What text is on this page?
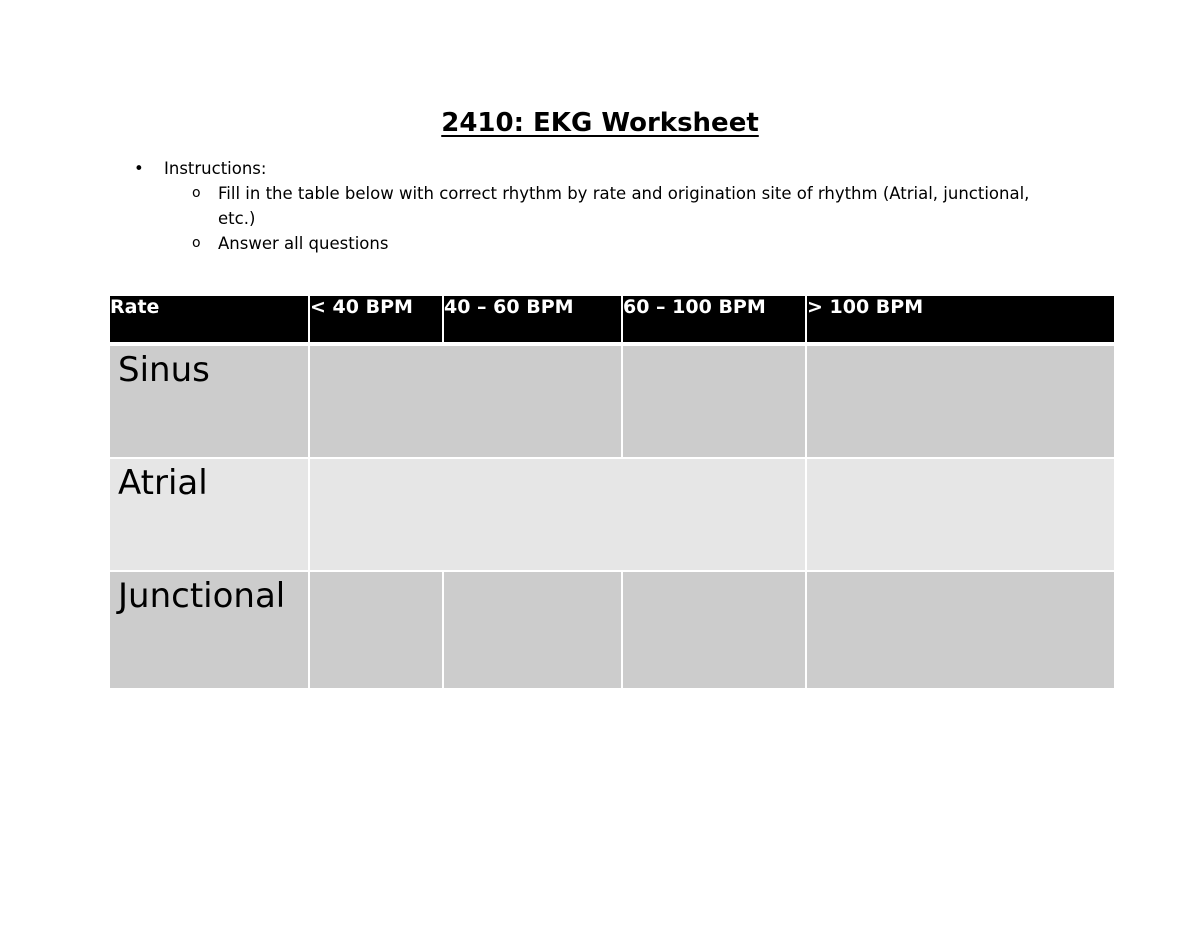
2410: EKG Worksheet
• Instructions:
o Fill in the table below with correct rhythm by rate and origination site of rhythm (Atrial, junctional, etc.)
o Answer all questions
Rate	< 40 BPM	40 – 60 BPM	60 – 100 BPM	> 100 BPM
Sinus				
Atrial				
Junctional				
